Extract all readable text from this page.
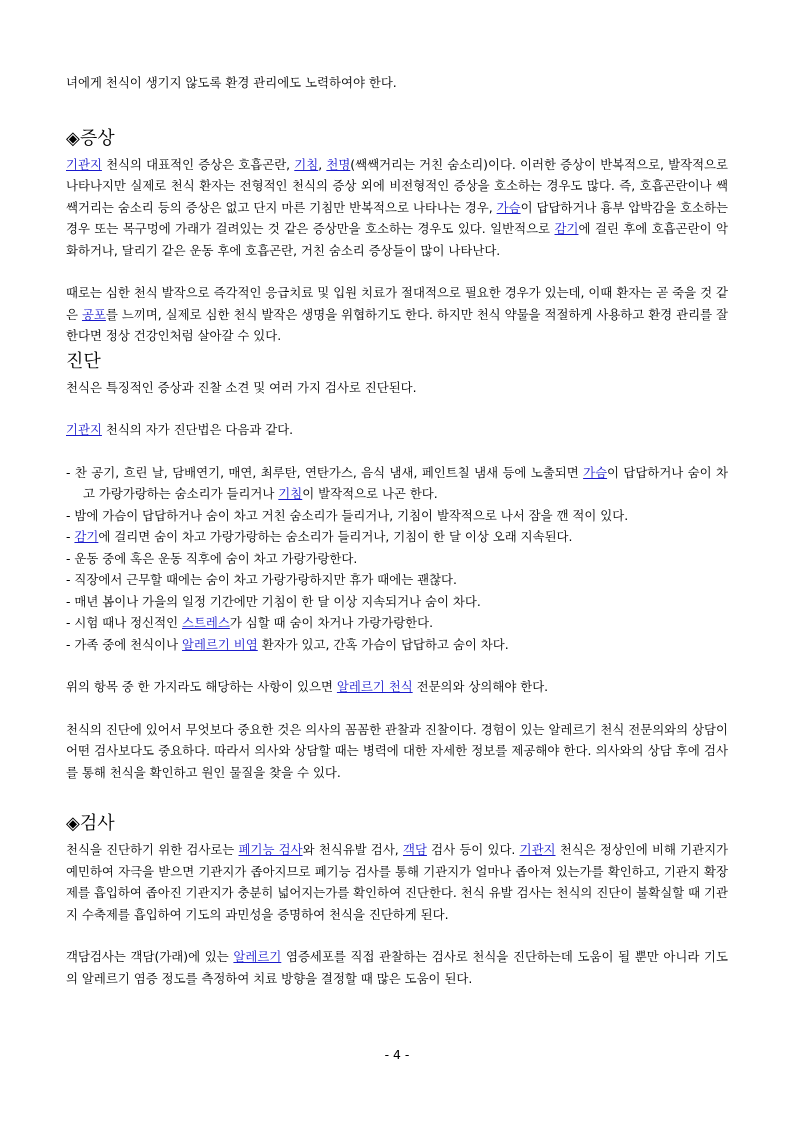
녀에게 천식이 생기지 않도록 환경 관리에도 노력하여야 한다.

◈증상

기관지 천식의 대표적인 증상은 호흡곤란, 기침, 천명(쌕쌕거리는 거친 숨소리)이다. 이러한 증상이 반복적으로, 발작적으로 나타나지만 실제로 천식 환자는 전형적인 천식의 증상 외에 비전형적인 증상을 호소하는 경우도 많다. 즉, 호흡곤란이나 쌕쌕거리는 숨소리 등의 증상은 없고 단지 마른 기침만 반복적으로 나타나는 경우, 가슴이 답답하거나 흉부 압박감을 호소하는 경우 또는 목구멍에 가래가 걸려있는 것 같은 증상만을 호소하는 경우도 있다. 일반적으로 감기에 걸린 후에 호흡곤란이 악화하거나, 달리기 같은 운동 후에 호흡곤란, 거친 숨소리 증상들이 많이 나타난다.

때로는 심한 천식 발작으로 즉각적인 응급치료 및 입원 치료가 절대적으로 필요한 경우가 있는데, 이때 환자는 곧 죽을 것 같은 공포를 느끼며, 실제로 심한 천식 발작은 생명을 위협하기도 한다. 하지만 천식 약물을 적절하게 사용하고 환경 관리를 잘 한다면 정상 건강인처럼 살아갈 수 있다.

진단

천식은 특징적인 증상과 진찰 소견 및 여러 가지 검사로 진단된다.

기관지 천식의 자가 진단법은 다음과 같다.

- 찬 공기, 흐린 날, 담배연기, 매연, 최루탄, 연탄가스, 음식 냄새, 페인트칠 냄새 등에 노출되면 가슴이 답답하거나 숨이 차고 가랑가랑하는 숨소리가 들리거나 기침이 발작적으로 나곤 한다.
- 밤에 가슴이 답답하거나 숨이 차고 거친 숨소리가 들리거나, 기침이 발작적으로 나서 잠을 깬 적이 있다.
- 감기에 걸리면 숨이 차고 가랑가랑하는 숨소리가 들리거나, 기침이 한 달 이상 오래 지속된다.
- 운동 중에 혹은 운동 직후에 숨이 차고 가랑가랑한다.
- 직장에서 근무할 때에는 숨이 차고 가랑가랑하지만 휴가 때에는 괜찮다.
- 매년 봄이나 가을의 일정 기간에만 기침이 한 달 이상 지속되거나 숨이 차다.
- 시험 때나 정신적인 스트레스가 심할 때 숨이 차거나 가랑가랑한다.
- 가족 중에 천식이나 알레르기 비염 환자가 있고, 간혹 가슴이 답답하고 숨이 차다.

위의 항목 중 한 가지라도 해당하는 사항이 있으면 알레르기 천식 전문의와 상의해야 한다.

천식의 진단에 있어서 무엇보다 중요한 것은 의사의 꼼꼼한 관찰과 진찰이다. 경험이 있는 알레르기 천식 전문의와의 상담이 어떤 검사보다도 중요하다. 따라서 의사와 상담할 때는 병력에 대한 자세한 정보를 제공해야 한다. 의사와의 상담 후에 검사를 통해 천식을 확인하고 원인 물질을 찾을 수 있다.

◈검사

천식을 진단하기 위한 검사로는 폐기능 검사와 천식유발 검사, 객담 검사 등이 있다. 기관지 천식은 정상인에 비해 기관지가 예민하여 자극을 받으면 기관지가 좁아지므로 폐기능 검사를 통해 기관지가 얼마나 좁아져 있는가를 확인하고, 기관지 확장제를 흡입하여 좁아진 기관지가 충분히 넓어지는가를 확인하여 진단한다. 천식 유발 검사는 천식의 진단이 불확실할 때 기관지 수축제를 흡입하여 기도의 과민성을 증명하여 천식을 진단하게 된다.

객담검사는 객담(가래)에 있는 알레르기 염증세포를 직접 관찰하는 검사로 천식을 진단하는데 도움이 될 뿐만 아니라 기도의 알레르기 염증 정도를 측정하여 치료 방향을 결정할 때 많은 도움이 된다.

- 4 -
